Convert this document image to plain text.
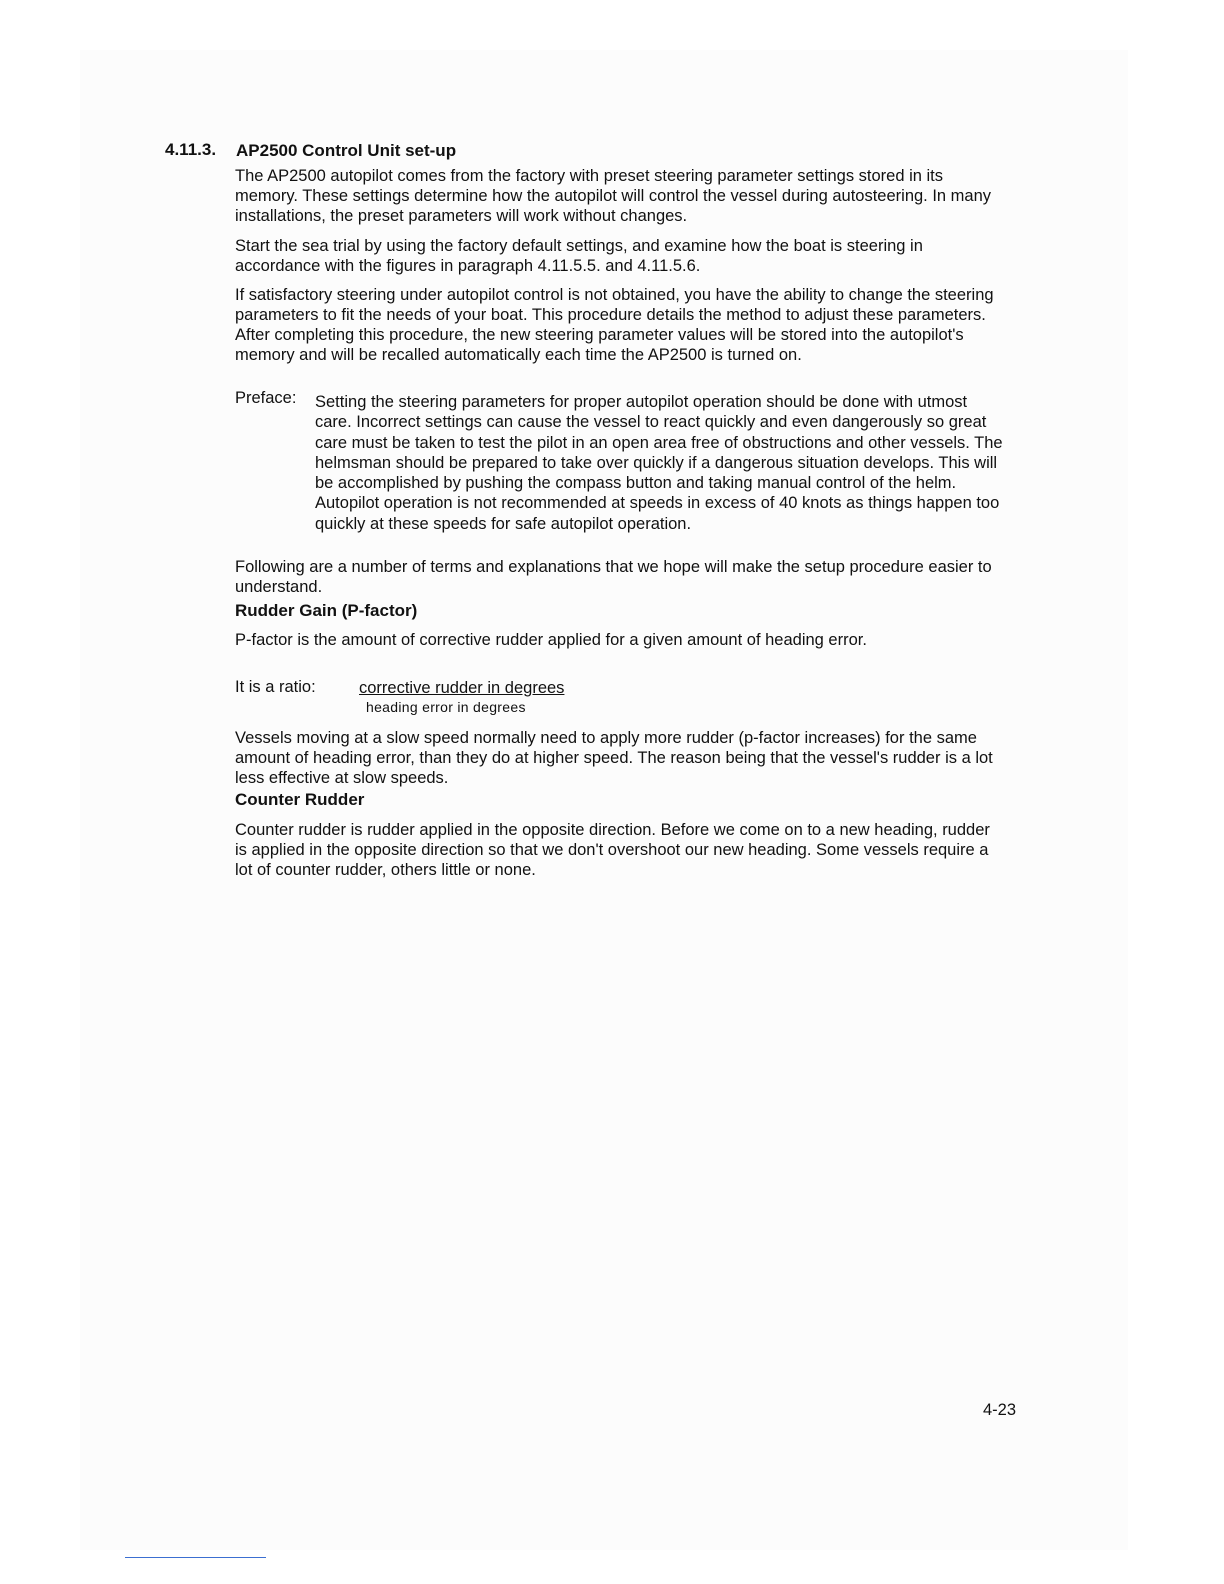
4.11.3. AP2500 Control Unit set-up

The AP2500 autopilot comes from the factory with preset steering parameter settings stored in its memory. These settings determine how the autopilot will control the vessel during autosteering. In many installations, the preset parameters will work without changes.

Start the sea trial by using the factory default settings, and examine how the boat is steering in accordance with the figures in paragraph 4.11.5.5. and 4.11.5.6.

If satisfactory steering under autopilot control is not obtained, you have the ability to change the steering parameters to fit the needs of your boat. This procedure details the method to adjust these parameters. After completing this procedure, the new steering parameter values will be stored into the autopilot's memory and will be recalled automatically each time the AP2500 is turned on.

Preface: Setting the steering parameters for proper autopilot operation should be done with utmost care. Incorrect settings can cause the vessel to react quickly and even dangerously so great care must be taken to test the pilot in an open area free of obstructions and other vessels. The helmsman should be prepared to take over quickly if a dangerous situation develops. This will be accomplished by pushing the compass button and taking manual control of the helm. Autopilot operation is not recommended at speeds in excess of 40 knots as things happen too quickly at these speeds for safe autopilot operation.

Following are a number of terms and explanations that we hope will make the setup procedure easier to understand.

Rudder Gain (P-factor)

P-factor is the amount of corrective rudder applied for a given amount of heading error.

It is a ratio:	corrective rudder in degrees
heading error in degrees

Vessels moving at a slow speed normally need to apply more rudder (p-factor increases) for the same amount of heading error, than they do at higher speed. The reason being that the vessel's rudder is a lot less effective at slow speeds.

Counter Rudder

Counter rudder is rudder applied in the opposite direction. Before we come on to a new heading, rudder is applied in the opposite direction so that we don't overshoot our new heading. Some vessels require a lot of counter rudder, others little or none.

4-23
